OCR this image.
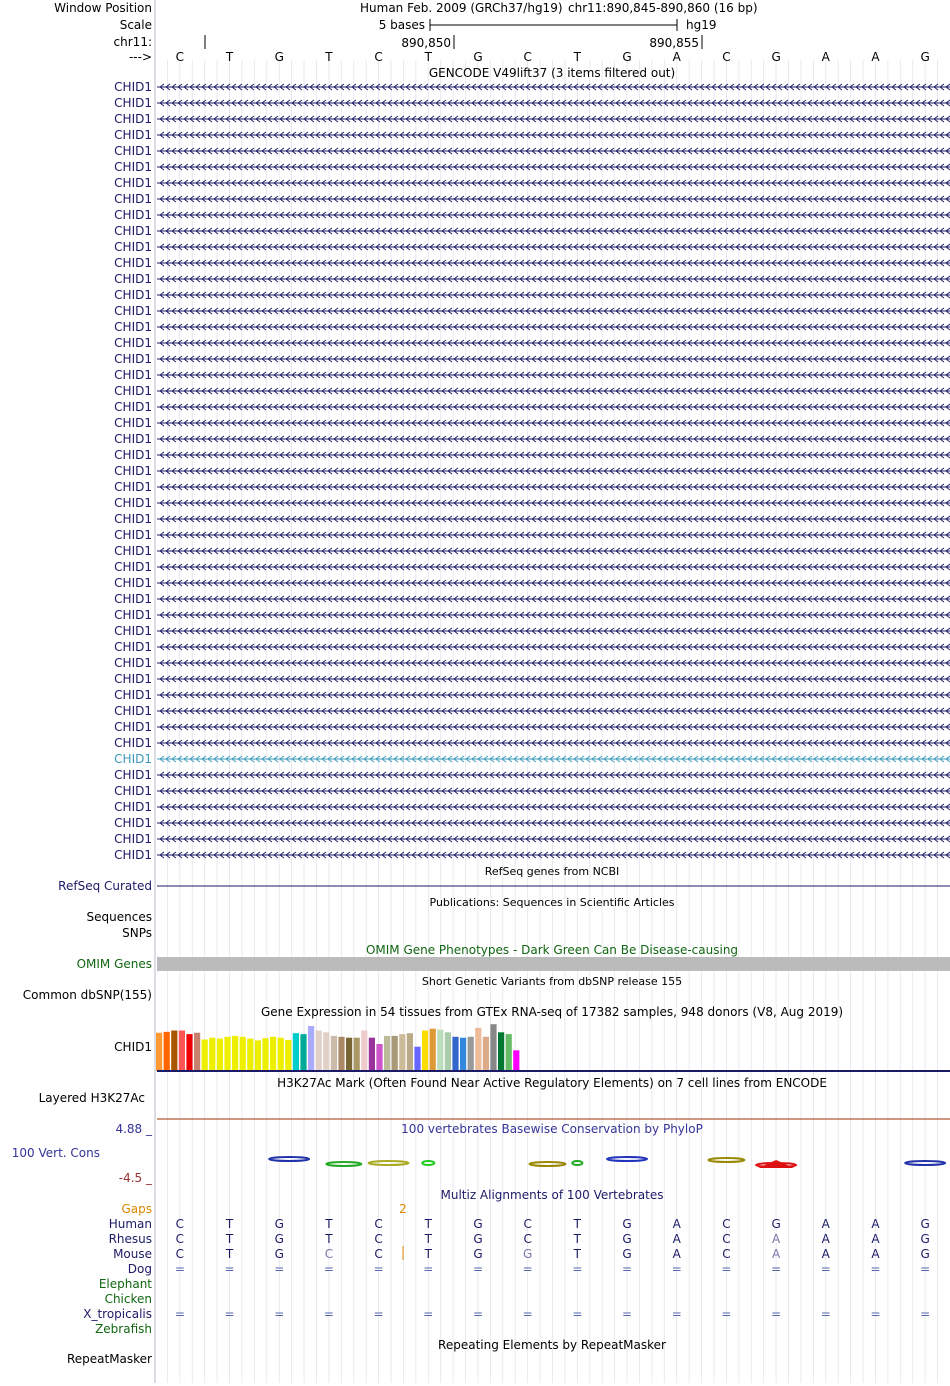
Window Position
Scale
chr11:
--->
Human Feb. 2009 (GRCh37/hg19) chr11:890,845-890,860 (16 bp)
5 bases	hg19
890,850	890,855
C	T	G	T	C	T	G	C	T	G	A	C	G	A	A	G
GENCODE V49lift37 (3 items filtered out)
CHID1
CHID1
CHID1
CHID1
CHID1
CHID1
CHID1
CHID1
CHID1
CHID1
CHID1
CHID1
CHID1
CHID1
CHID1
CHID1
CHID1
CHID1
CHID1
CHID1
CHID1
CHID1
CHID1
CHID1
CHID1
CHID1
CHID1
CHID1
CHID1
CHID1
CHID1
CHID1
CHID1
CHID1
CHID1
CHID1
CHID1
CHID1
CHID1
CHID1
CHID1
CHID1
CHID1
CHID1
CHID1
CHID1
CHID1
CHID1
CHID1
RefSeq genes from NCBI
RefSeq Curated
Publications: Sequences in Scientific Articles
Sequences
SNPs
OMIM Gene Phenotypes - Dark Green Can Be Disease-causing
OMIM Genes
Short Genetic Variants from dbSNP release 155
Common dbSNP(155)
Gene Expression in 54 tissues from GTEx RNA-seq of 17382 samples, 948 donors (V8, Aug 2019)
CHID1
H3K27Ac Mark (Often Found Near Active Regulatory Elements) on 7 cell lines from ENCODE
Layered H3K27Ac
100 vertebrates Basewise Conservation by PhyloP
4.88 _
100 Vert. Cons
-4.5 _
Multiz Alignments of 100 Vertebrates
Gaps	2
Human C	T	G	T	C	T	G	C	T	G	A	C	G	A	A	G
Rhesus C	T	G	T	C	T	G	C	T	G	A	C	A	A	A	G
Mouse C	T	G	C	C	T	G	G	T	G	A	C	A	A	A	G
Dog =	=	=	=	=	=	=	=	=	=	=	=	=	=	=	=
Elephant
Chicken
X_tropicalis =	=	=	=	=	=	=	=	=	=	=	=	=	=	=	=
Zebrafish
Repeating Elements by RepeatMasker
RepeatMasker
